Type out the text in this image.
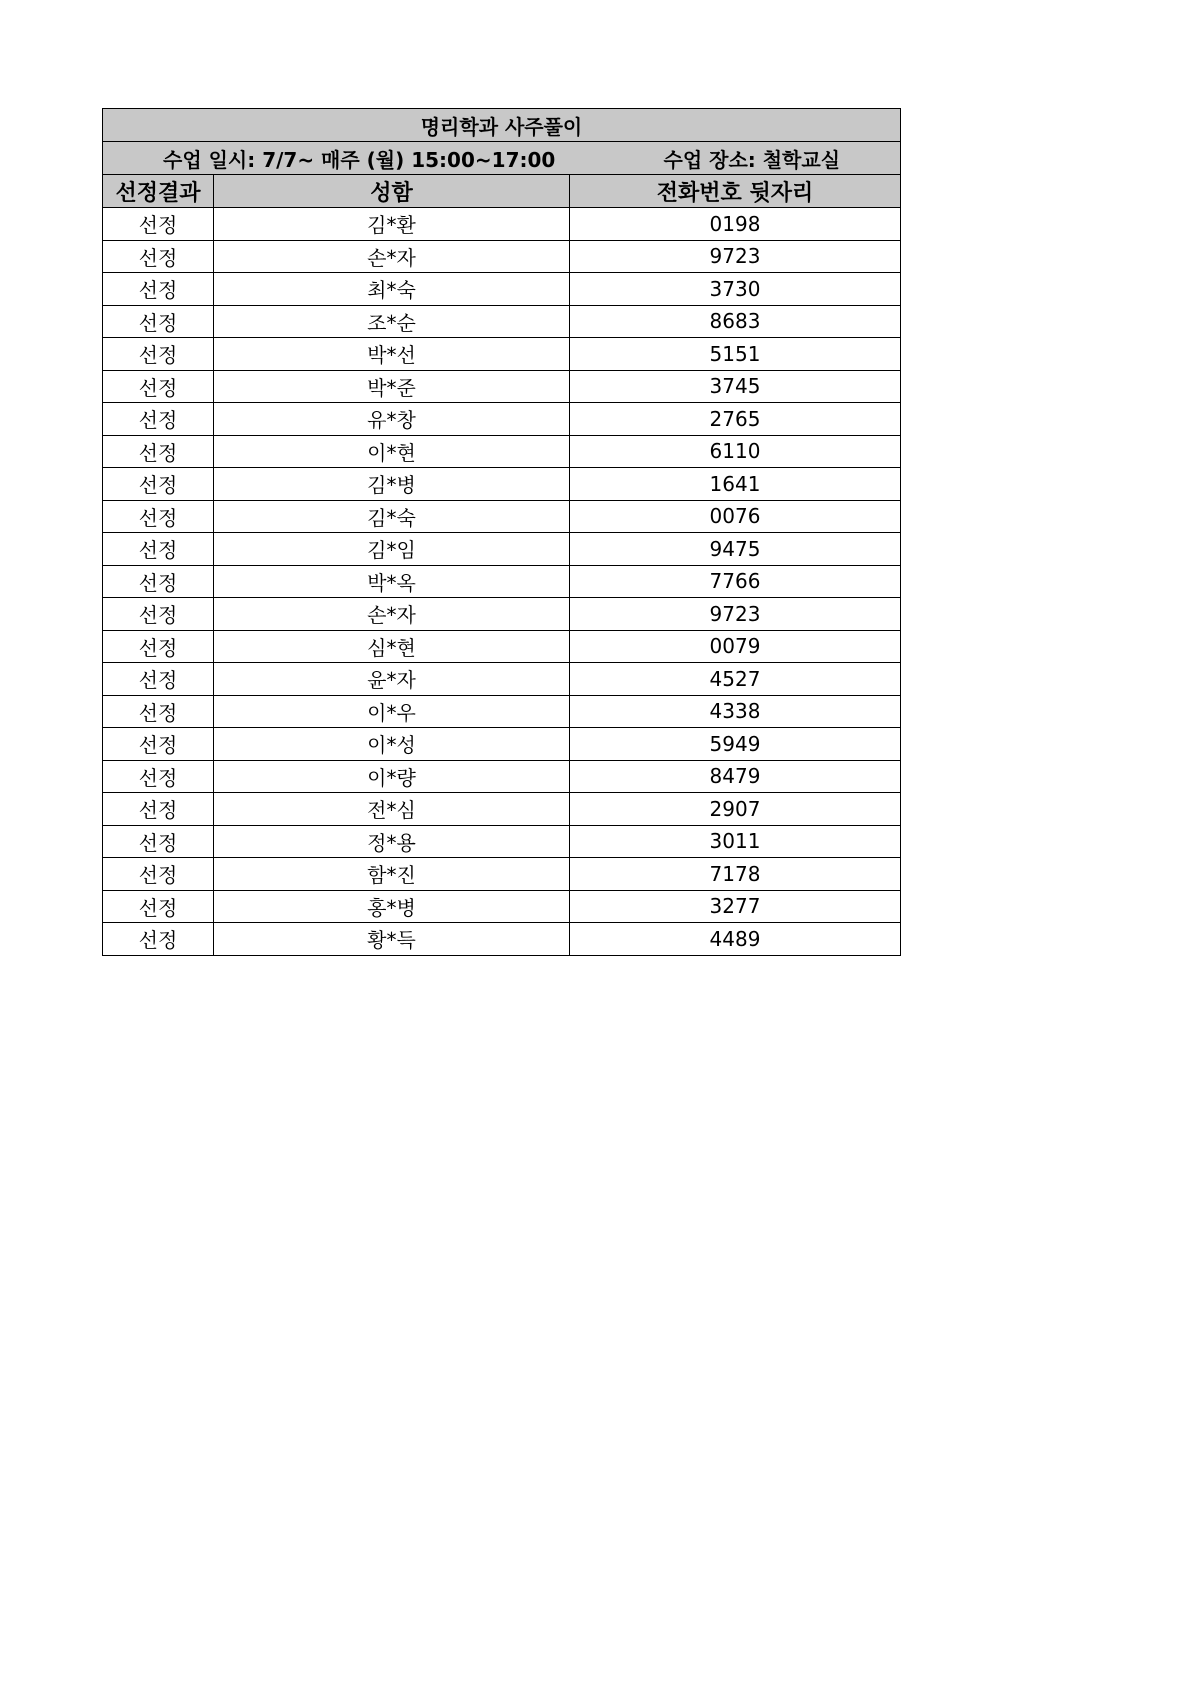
명리학과 사주풀이		

수업 일시: 7/7~ 매주 (월) 15:00~17:00 수업 장소: 철학교실		

선정결과	성함	전화번호 뒷자리
선정	김*환	0198
선정	손*자	9723
선정	최*숙	3730
선정	조*순	8683
선정	박*선	5151
선정	박*준	3745
선정	유*창	2765
선정	이*현	6110
선정	김*병	1641
선정	김*숙	0076
선정	김*임	9475
선정	박*옥	7766
선정	손*자	9723
선정	심*현	0079
선정	윤*자	4527
선정	이*우	4338
선정	이*성	5949
선정	이*량	8479
선정	전*심	2907
선정	정*용	3011
선정	함*진	7178
선정	홍*병	3277
선정	황*득	4489
